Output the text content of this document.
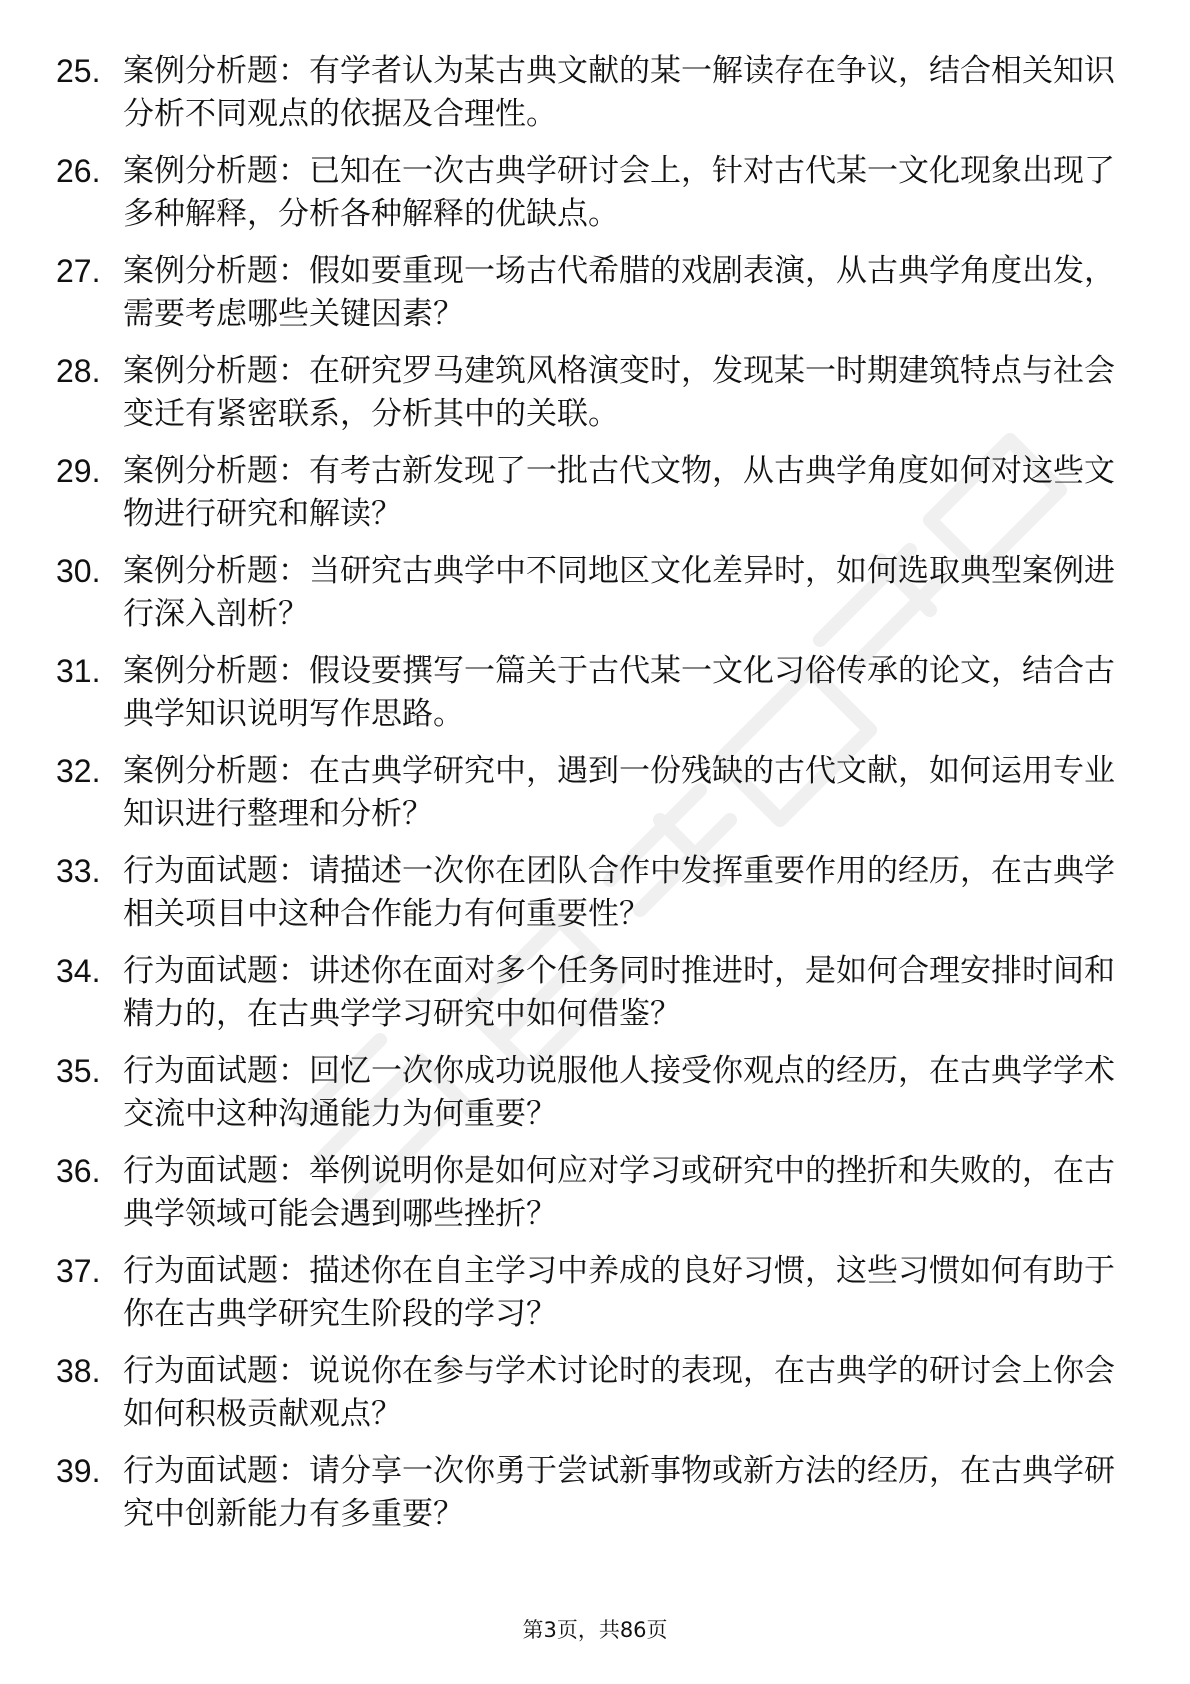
25. 案例分析题：有学者认为某古典文献的某一解读存在争议，结合相关知识分析不同观点的依据及合理性。
26. 案例分析题：已知在一次古典学研讨会上，针对古代某一文化现象出现了多种解释，分析各种解释的优缺点。
27. 案例分析题：假如要重现一场古代希腊的戏剧表演，从古典学角度出发，需要考虑哪些关键因素？
28. 案例分析题：在研究罗马建筑风格演变时，发现某一时期建筑特点与社会变迁有紧密联系，分析其中的关联。
29. 案例分析题：有考古新发现了一批古代文物，从古典学角度如何对这些文物进行研究和解读？
30. 案例分析题：当研究古典学中不同地区文化差异时，如何选取典型案例进行深入剖析？
31. 案例分析题：假设要撰写一篇关于古代某一文化习俗传承的论文，结合古典学知识说明写作思路。
32. 案例分析题：在古典学研究中，遇到一份残缺的古代文献，如何运用专业知识进行整理和分析？
33. 行为面试题：请描述一次你在团队合作中发挥重要作用的经历，在古典学相关项目中这种合作能力有何重要性？
34. 行为面试题：讲述你在面对多个任务同时推进时，是如何合理安排时间和精力的，在古典学学习研究中如何借鉴？
35. 行为面试题：回忆一次你成功说服他人接受你观点的经历，在古典学学术交流中这种沟通能力为何重要？
36. 行为面试题：举例说明你是如何应对学习或研究中的挫折和失败的，在古典学领域可能会遇到哪些挫折？
37. 行为面试题：描述你在自主学习中养成的良好习惯，这些习惯如何有助于你在古典学研究生阶段的学习？
38. 行为面试题：说说你在参与学术讨论时的表现，在古典学的研讨会上你会如何积极贡献观点？
39. 行为面试题：请分享一次你勇于尝试新事物或新方法的经历，在古典学研究中创新能力有多重要？
第3页，共86页
